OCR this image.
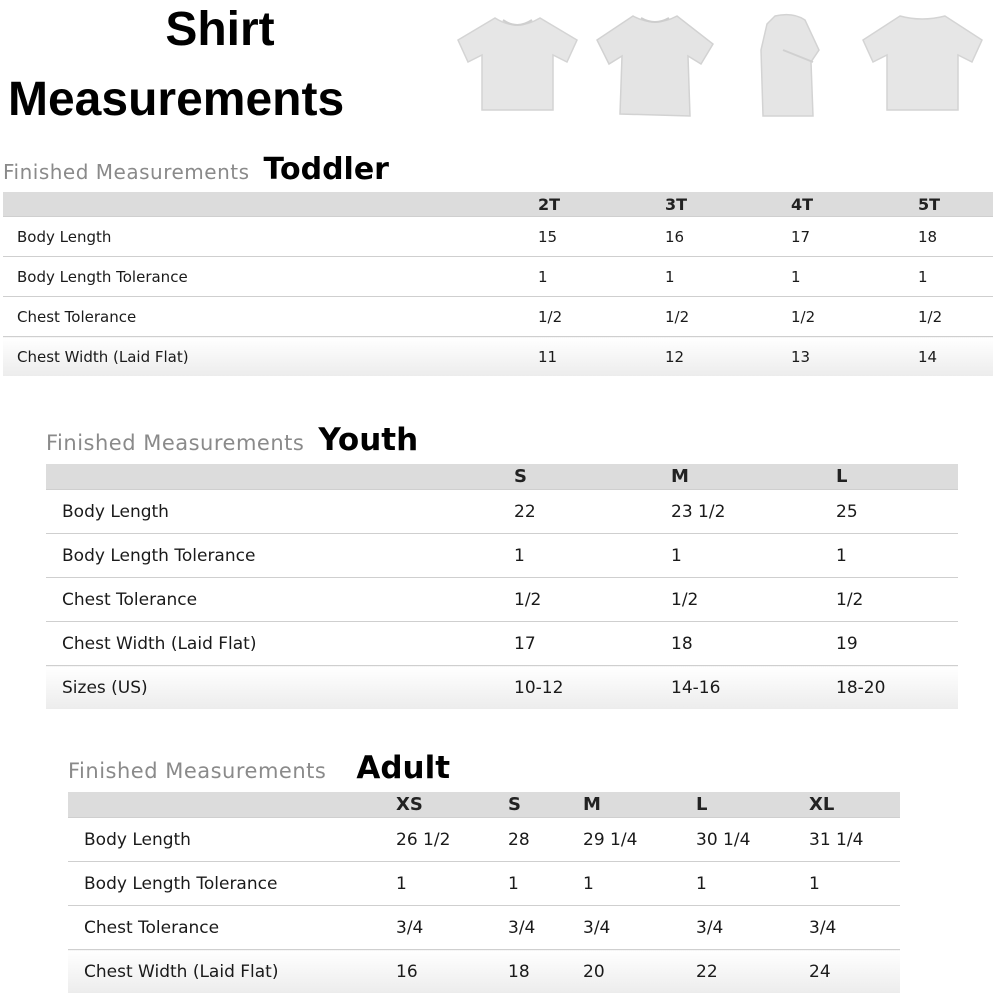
Shirt
Measurements
Finished Measurements Toddler
	2T	3T	4T	5T
Body Length	15	16	17	18
Body Length Tolerance	1	1	1	1
Chest Tolerance	1/2	1/2	1/2	1/2
Chest Width (Laid Flat)	11	12	13	14
Finished Measurements Youth
	S	M	L
Body Length	22	23 1/2	25
Body Length Tolerance	1	1	1
Chest Tolerance	1/2	1/2	1/2
Chest Width (Laid Flat)	17	18	19
Sizes (US)	10-12	14-16	18-20
Finished Measurements Adult
	XS	S	M	L	XL
Body Length	26 1/2	28	29 1/4	30 1/4	31 1/4
Body Length Tolerance	1	1	1	1	1
Chest Tolerance	3/4	3/4	3/4	3/4	3/4
Chest Width (Laid Flat)	16	18	20	22	24
